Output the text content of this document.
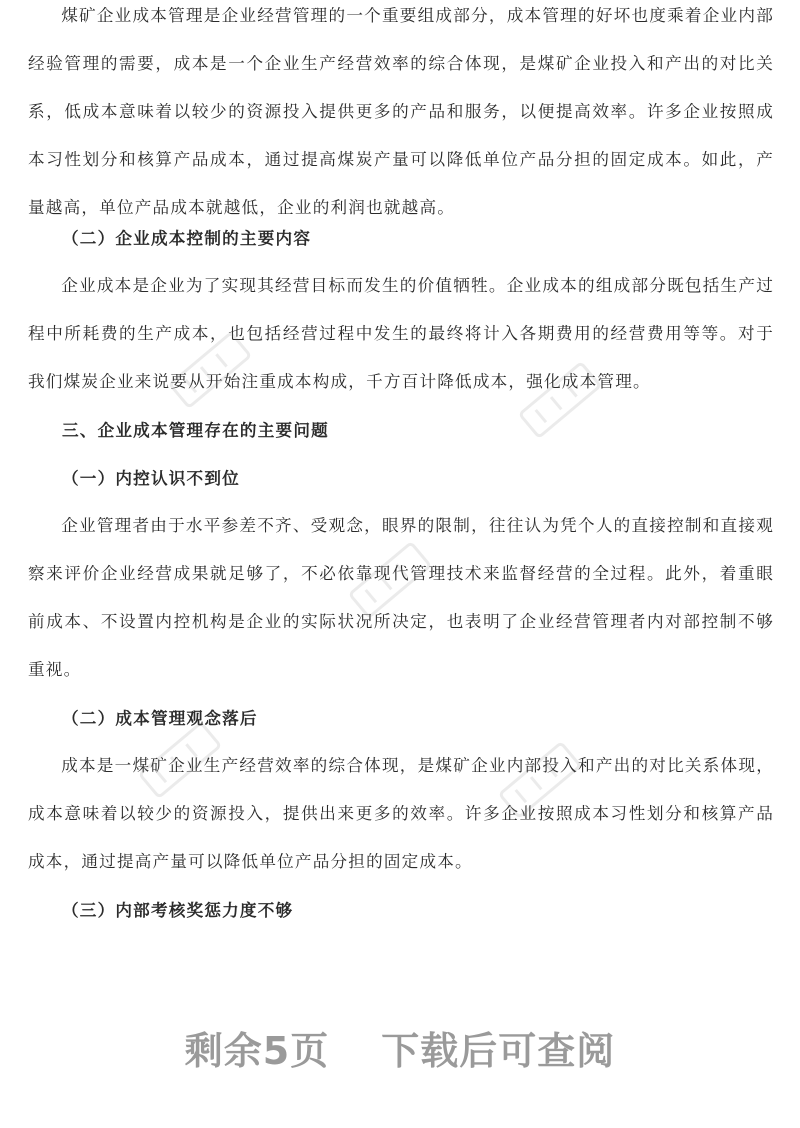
煤矿企业成本管理是企业经营管理的一个重要组成部分，成本管理的好坏也度乘着企业内部经验管理的需要，成本是一个企业生产经营效率的综合体现，是煤矿企业投入和产出的对比关系，低成本意味着以较少的资源投入提供更多的产品和服务，以便提高效率。许多企业按照成本习性划分和核算产品成本，通过提高煤炭产量可以降低单位产品分担的固定成本。如此，产量越高，单位产品成本就越低，企业的利润也就越高。

（二）企业成本控制的主要内容

企业成本是企业为了实现其经营目标而发生的价值牺牲。企业成本的组成部分既包括生产过程中所耗费的生产成本，也包括经营过程中发生的最终将计入各期费用的经营费用等等。对于我们煤炭企业来说要从开始注重成本构成，千方百计降低成本，强化成本管理。

三、企业成本管理存在的主要问题

（一）内控认识不到位

企业管理者由于水平参差不齐、受观念，眼界的限制，往往认为凭个人的直接控制和直接观察来评价企业经营成果就足够了，不必依靠现代管理技术来监督经营的全过程。此外，着重眼前成本、不设置内控机构是企业的实际状况所决定，也表明了企业经营管理者内对部控制不够重视。

（二）成本管理观念落后

成本是一煤矿企业生产经营效率的综合体现，是煤矿企业内部投入和产出的对比关系体现，成本意味着以较少的资源投入，提供出来更多的效率。许多企业按照成本习性划分和核算产品成本，通过提高产量可以降低单位产品分担的固定成本。

（三）内部考核奖惩力度不够

剩余5页 下载后可查阅
